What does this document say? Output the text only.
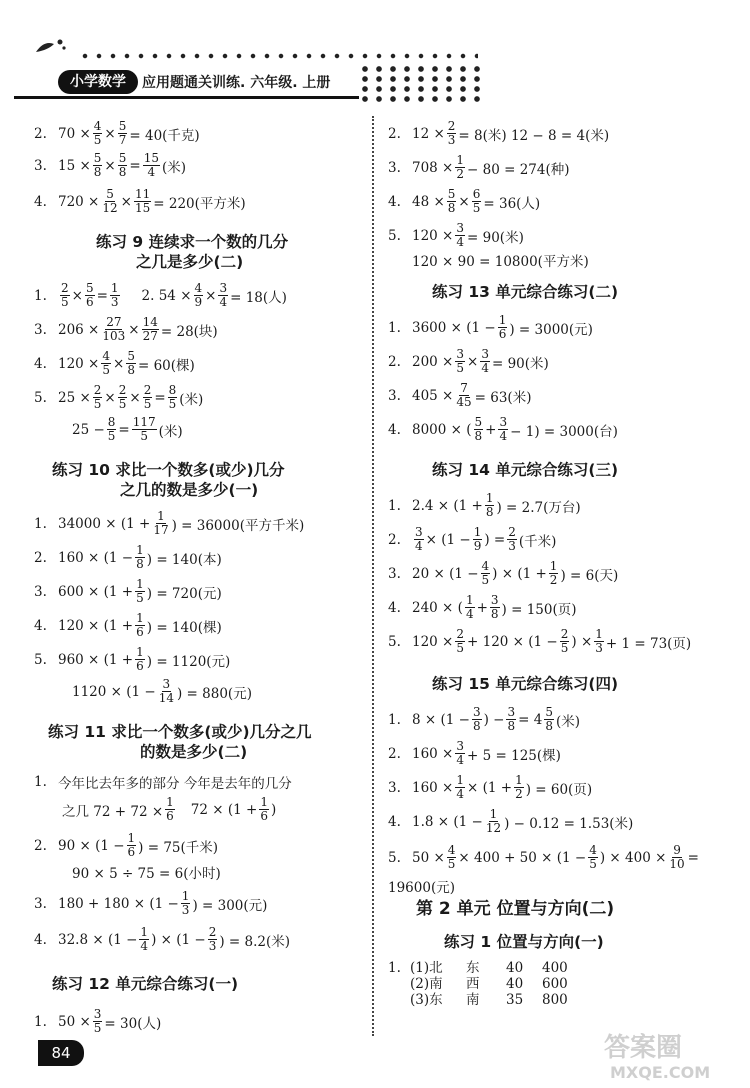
小学数学	应用题通关训练. 六年级. 上册
2. $70 \times \frac{4}{5} \times \frac{5}{7} = 40$(千克)
3. $15 \times \frac{5}{8} \times \frac{5}{8} = \frac{15}{4}$ (米)
4. $720 \times \frac{5}{12} \times \frac{11}{15} = 220$(平方米)
练习 9 连续求一个数的几分
之几是多少(二)
1.	$\frac{2}{5} \times \frac{5}{6} = \frac{1}{3} 2$. $54 \times \frac{4}{9} \times \frac{3}{4} = 18$(人)
3. $206 \times \frac{27}{103} \times \frac{14}{27} = 28$(块)
4. $120 \times \frac{4}{5} \times \frac{5}{8} = 60$(棵)
5. $25 \times \frac{2}{5} \times \frac{2}{5} \times \frac{2}{5} = \frac{8}{5}$ (米)
$25 - \frac{8}{5} = \frac{117}{5}$ (米)
练习 10 求比一个数多(或少)几分
之几的数是多少(一)
1. $34000 \times (1 + \frac{1}{17}$ ) = 36000(平方千米)
2. $160 \times (1 - \frac{1}{8}$ ) = 140(本)
3. $600 \times (1 + \frac{1}{5}$ ) = 720(元)
4. $120 \times (1 + \frac{1}{6}$ ) = 140(棵)
5. $960 \times (1 + \frac{1}{6}$ ) = 1120(元)
$1120 \times (1 - \frac{3}{14}$ ) = 880(元)
练习 11 求比一个数多(或少)几分之几
的数是多少(二)
1. 今年比去年多的部分 今年是去年的几分
之几 $72 + 72 \times \frac{1}{6} 72 \times (1 + \frac{1}{6}$ )
2. $90 \times (1 - \frac{1}{6}$ ) = 75(千米)
90 × 5 ÷ 75 = 6(小时)
3. $180 + 180 \times (1 - \frac{1}{3}$ ) = 300(元)
4. $32.8 \times (1 - \frac{1}{4}$ ) × ($1 - \frac{2}{3}$ ) = 8.2(米)
练习 12 单元综合练习(一)
1. $50 \times \frac{3}{5} = 30$(人)
2. $12 \times \frac{2}{3} = 8$(米) 12 − 8 = 4(米)
3. $708 \times \frac{1}{2} - 80 = 274$(种)
4. $48 \times \frac{5}{8} \times \frac{6}{5} = 36$(人)
5. $120 \times \frac{3}{4} = 90$(米)
120 × 90 = 10800(平方米)
练习 13 单元综合练习(二)
1. $3600 \times (1 - \frac{1}{6}$ ) = 3000(元)
2. $200 \times \frac{3}{5} \times \frac{3}{4} = 90$(米)
3. $405 \times \frac{7}{45} = 63$(米)
4. 8000 × ( $\frac{5}{8} + \frac{3}{4} - 1) = 3000$(台)
练习 14 单元综合练习(三)
1. $2.4 \times (1 + \frac{1}{8}$ ) = 2.7(万台)
2.	$\frac{3}{4} \times (1 - \frac{1}{9}$ ) = $\frac{2}{3}$ (千米)
3. $20 \times (1 - \frac{4}{5}$ ) × ($1 + \frac{1}{2}$ ) = 6(天)
4. 240 × ( $\frac{1}{4} + \frac{3}{8}$ ) = 150(页)
5. $120 \times \frac{2}{5} + 120 \times (1 - \frac{2}{5}$ ) × $\frac{1}{3} + 1 = 73$(页)
练习 15 单元综合练习(四)
1. $8 \times (1 - \frac{3}{8}$ ) − $\frac{3}{8} = 4 \frac{5}{8}$ (米)
2. $160 \times \frac{3}{4} + 5 = 125$(棵)
3. $160 \times \frac{1}{4} \times (1 + \frac{1}{2}$ ) = 60(页)
4. $1.8 \times (1 - \frac{1}{12}$ ) − 0.12 = 1.53(米)
5. $50 \times \frac{4}{5} \times 400 + 50 \times (1 - \frac{4}{5}$ ) × $400 \times \frac{9}{10}$ =
19600(元)
第 2 单元 位置与方向(二)
练习 1 位置与方向(一)
1. (1)北 东 40 400
(2)南 西 40 600
(3)东 南 35 800
84	答案圈
MXQE.COM
